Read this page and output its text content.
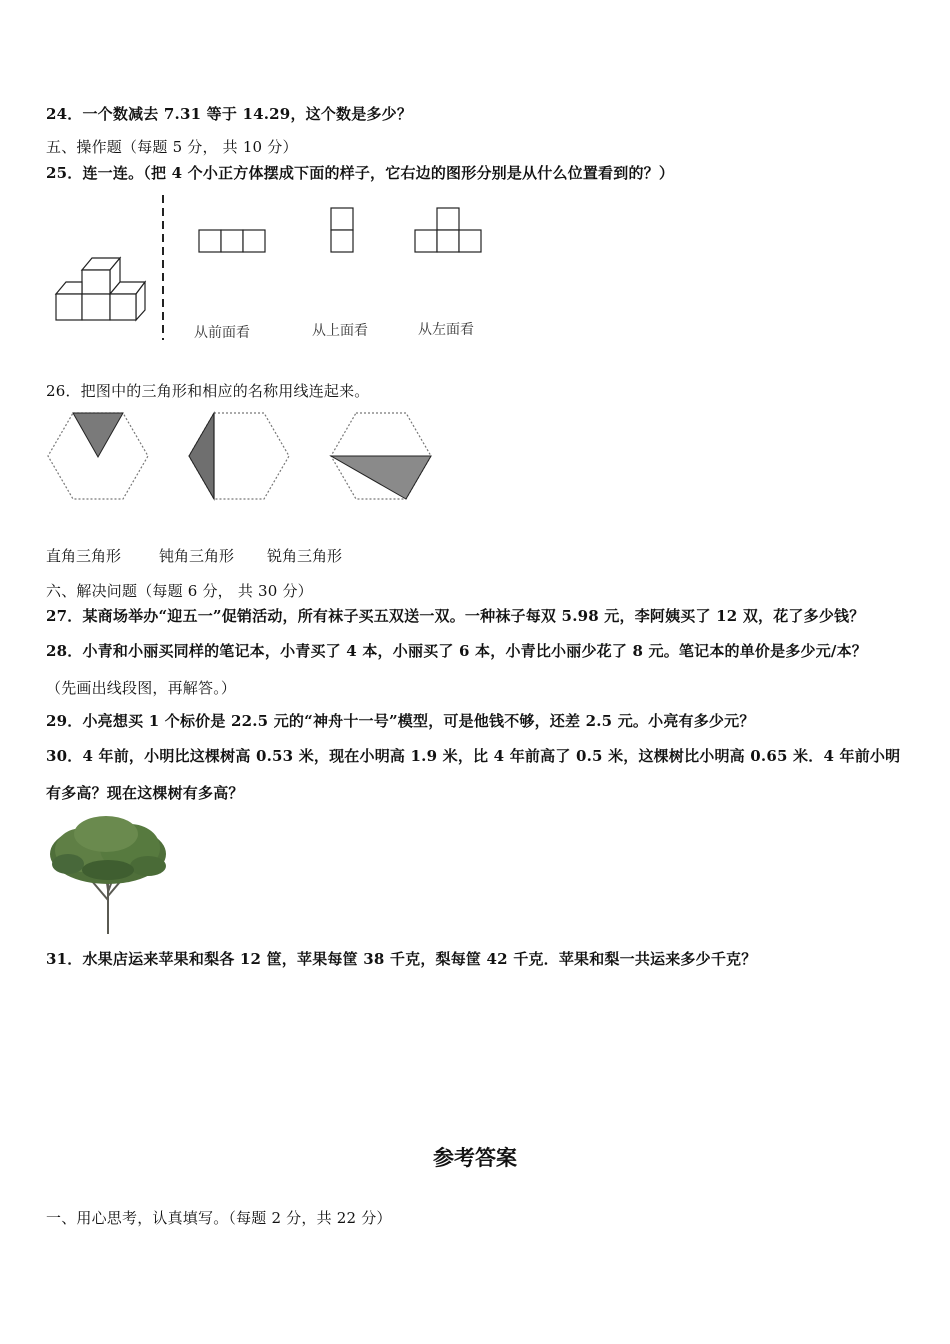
24．一个数减去 7.31 等于 14.29，这个数是多少？
五、操作题（每题 5 分， 共 10 分）
25．连一连。（把 4 个小正方体摆成下面的样子，它右边的图形分别是从什么位置看到的？）
从前面看	从上面看	从左面看
26．把图中的三角形和相应的名称用线连起来。
直角三角形	钝角三角形 锐角三角形
六、解决问题（每题 6 分， 共 30 分）
27．某商场举办“迎五一”促销活动，所有袜子买五双送一双。一种袜子每双 5.98 元，李阿姨买了 12 双，花了多少钱？
28．小青和小丽买同样的笔记本，小青买了 4 本，小丽买了 6 本，小青比小丽少花了 8 元。笔记本的单价是多少元/本？
（先画出线段图，再解答。）
29．小亮想买 1 个标价是 22.5 元的“神舟十一号”模型，可是他钱不够，还差 2.5 元。小亮有多少元？
30．4 年前，小明比这棵树高 0.53 米，现在小明高 1.9 米，比 4 年前高了 0.5 米，这棵树比小明高 0.65 米．4 年前小明
有多高？现在这棵树有多高？
31．水果店运来苹果和梨各 12 筐，苹果每筐 38 千克，梨每筐 42 千克．苹果和梨一共运来多少千克？
参考答案
一、用心思考，认真填写。（每题 2 分，共 22 分）
